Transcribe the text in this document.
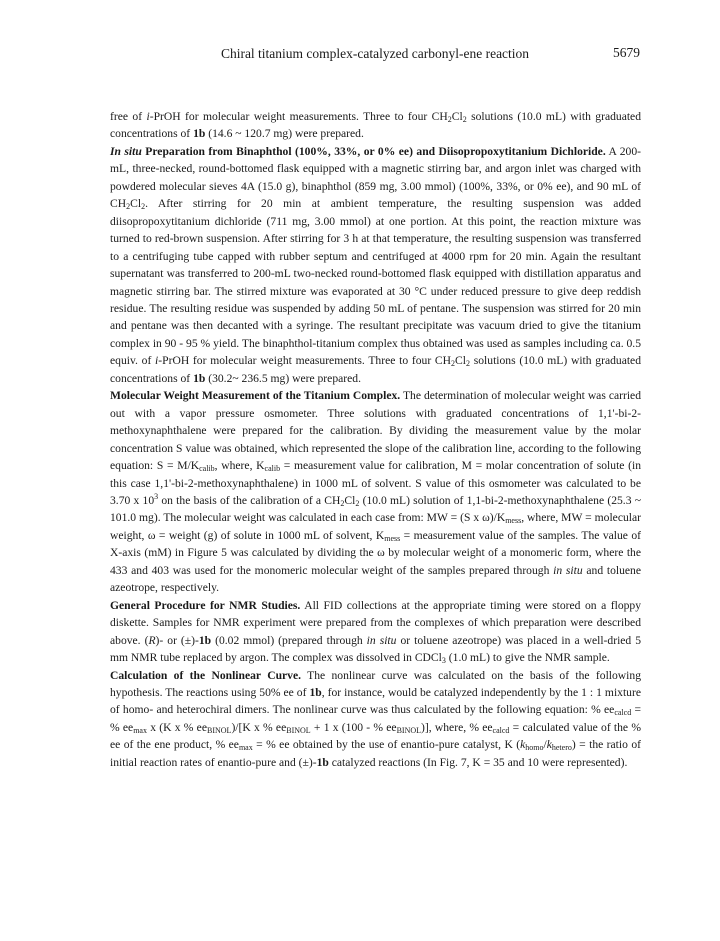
Chiral titanium complex-catalyzed carbonyl-ene reaction	5679

free of i-PrOH for molecular weight measurements. Three to four $CH_2Cl_2$ solutions (10.0 mL) with graduated concentrations of 1b (14.6 ~ 120.7 mg) were prepared.

In situ Preparation from Binaphthol (100%, 33%, or 0% ee) and Diisopropoxytitanium Dichloride. A 200-mL, three-necked, round-bottomed flask equipped with a magnetic stirring bar, and argon inlet was charged with powdered molecular sieves 4A (15.0 g), binaphthol (859 mg, 3.00 mmol) (100%, 33%, or 0% ee), and 90 mL of $CH_2Cl_2$. After stirring for 20 min at ambient temperature, the resulting suspension was added diisopropoxytitanium dichloride (711 mg, 3.00 mmol) at one portion. At this point, the reaction mixture was turned to red-brown suspension. After stirring for 3 h at that temperature, the resulting suspension was transferred to a centrifuging tube capped with rubber septum and centrifuged at 4000 rpm for 20 min. Again the resultant supernatant was transferred to 200-mL two-necked round-bottomed flask equipped with distillation apparatus and magnetic stirring bar. The stirred mixture was evaporated at 30 °C under reduced pressure to give deep reddish residue. The resulting residue was suspended by adding 50 mL of pentane. The suspension was stirred for 20 min and pentane was then decanted with a syringe. The resultant precipitate was vacuum dried to give the titanium complex in 90 - 95 % yield. The binaphthol-titanium complex thus obtained was used as samples including ca. 0.5 equiv. of i-PrOH for molecular weight measurements. Three to four $CH_2Cl_2$ solutions (10.0 mL) with graduated concentrations of 1b (30.2~ 236.5 mg) were prepared.

Molecular Weight Measurement of the Titanium Complex. The determination of molecular weight was carried out with a vapor pressure osmometer. Three solutions with graduated concentrations of 1,1'-bi-2-methoxynaphthalene were prepared for the calibration. By dividing the measurement value by the molar concentration S value was obtained, which represented the slope of the calibration line, according to the following equation: $S = M/K_{calib}$, where, $K_{calib}$ = measurement value for calibration, M = molar concentration of solute (in this case 1,1'-bi-2-methoxynaphthalene) in 1000 mL of solvent. S value of this osmometer was calculated to be 3.70 x $10^3$ on the basis of the calibration of a $CH_2Cl_2$ (10.0 mL) solution of 1,1-bi-2-methoxynaphthalene (25.3 ~ 101.0 mg). The molecular weight was calculated in each case from: MW = (S x $\omega)/K_{mess}$, where, MW = molecular weight, ω = weight (g) of solute in 1000 mL of solvent, $K_{mess}$ = measurement value of the samples. The value of X-axis (mM) in Figure 5 was calculated by dividing the ω by molecular weight of a monomeric form, where the 433 and 403 was used for the monomeric molecular weight of the samples prepared through in situ and toluene azeotrope, respectively.

General Procedure for NMR Studies. All FID collections at the appropriate timing were stored on a floppy diskette. Samples for NMR experiment were prepared from the complexes of which preparation were described above. (R)- or (±)-1b (0.02 mmol) (prepared through in situ or toluene azeotrope) was placed in a well-dried 5 mm NMR tube replaced by argon. The complex was dissolved in CDCl$_3$ (1.0 mL) to give the NMR sample.

Calculation of the Nonlinear Curve. The nonlinear curve was calculated on the basis of the following hypothesis. The reactions using 50% ee of 1b, for instance, would be catalyzed independently by the 1 : 1 mixture of homo- and heterochiral dimers. The nonlinear curve was thus calculated by the following equation: % $ee_{calcd}$ = % $ee_{max}$ x (K x % $ee_{BINOL})/[K$ x % $ee_{BINOL} + 1$ x (100 - % $ee_{BINOL}$)], where, % $ee_{calcd}$ = calculated value of the % ee of the ene product, % $ee_{max}$ = % ee obtained by the use of enantio-pure catalyst, K $(k_{homo}/k_{hetero})$ = the ratio of initial reaction rates of enantio-pure and (±)-1b catalyzed reactions (In Fig. 7, K = 35 and 10 were represented).
